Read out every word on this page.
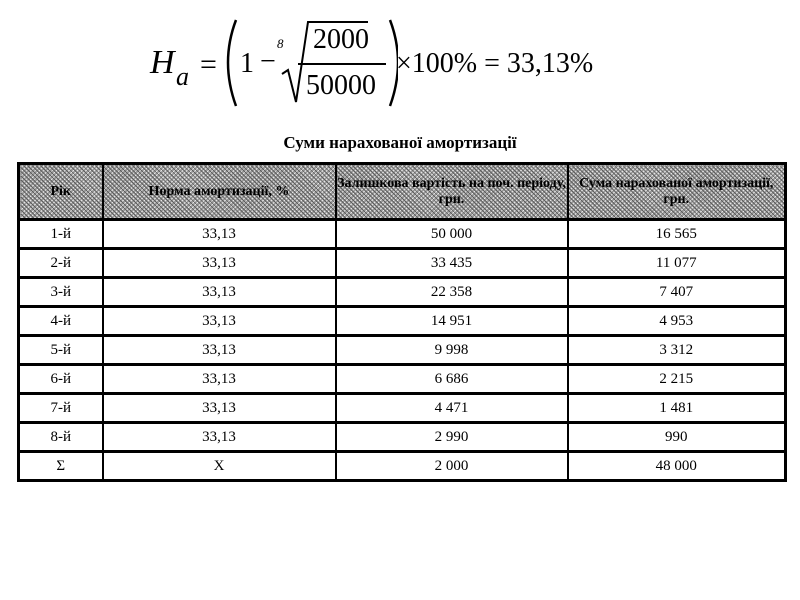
H a = 1 −
8	2000
50000
×100% = 33,13%
Суми нарахованої амортизації
Рік	Норма амортизації, %	Залишкова вартість на поч. періоду, грн.	Сума нарахованої амортизації, грн.
1-й	33,13	50 000	16 565
2-й	33,13	33 435	11 077
3-й	33,13	22 358	7 407
4-й	33,13	14 951	4 953
5-й	33,13	9 998	3 312
6-й	33,13	6 686	2 215
7-й	33,13	4 471	1 481
8-й	33,13	2 990	990
Σ	Х	2 000	48 000
